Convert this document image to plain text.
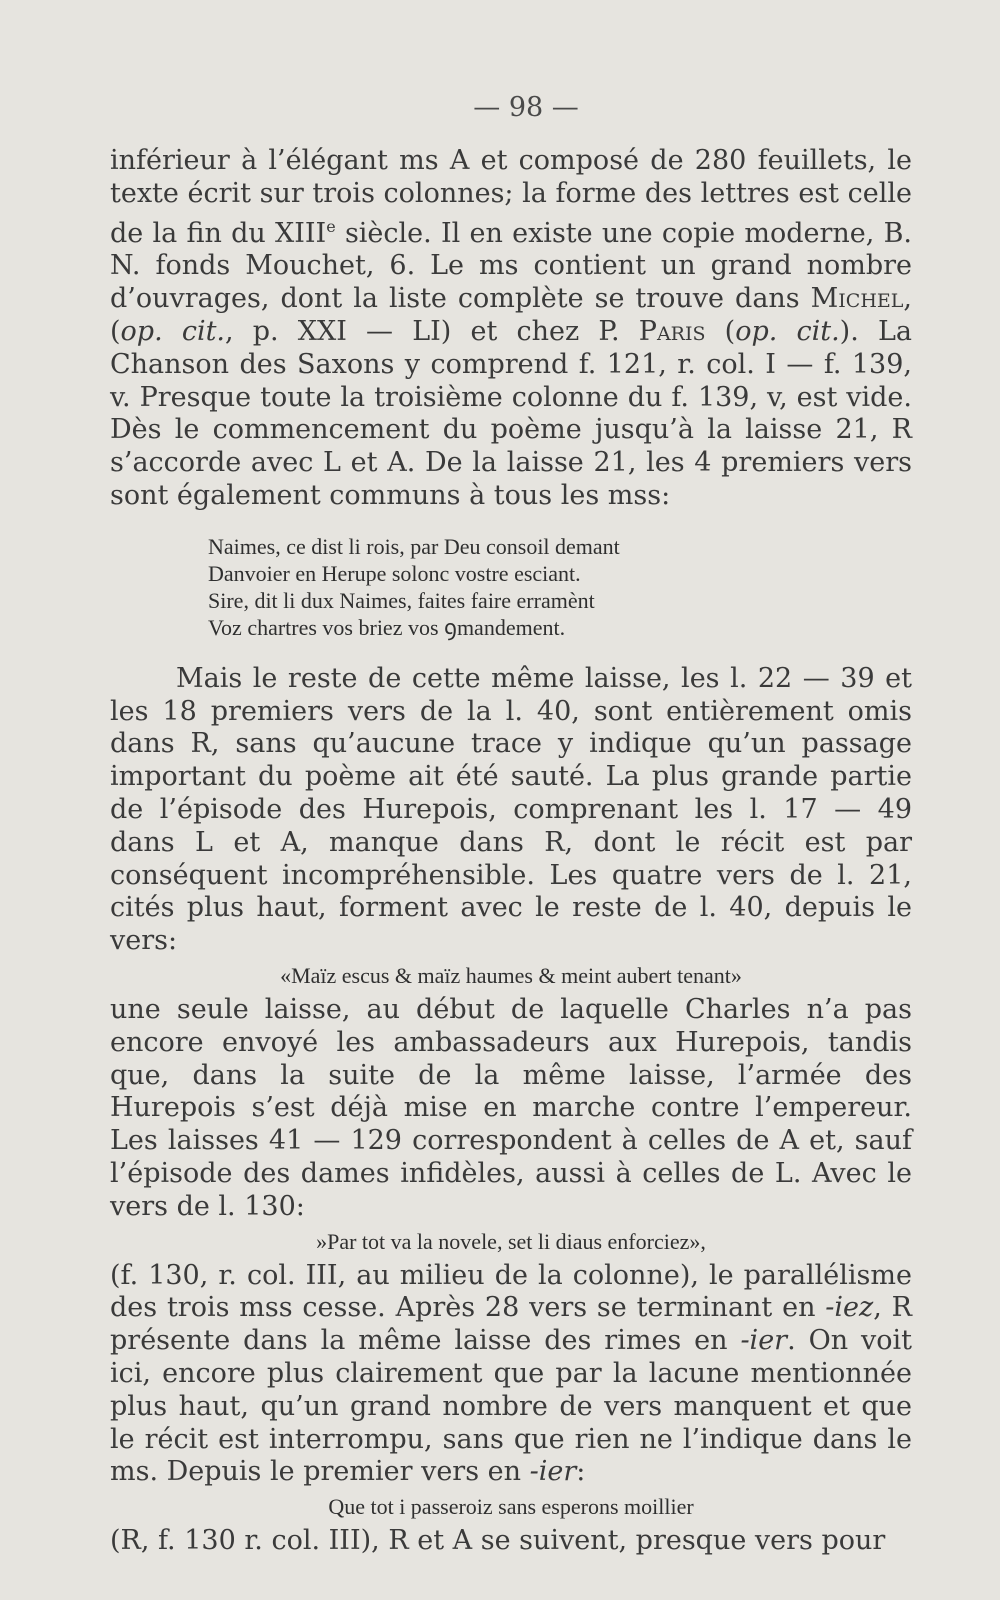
— 98 —

inférieur à l’élégant ms A et composé de 280 feuillets, le texte écrit sur trois colonnes; la forme des lettres est celle de la fin du XIIIe siècle. Il en existe une copie moderne, B. N. fonds Mouchet, 6. Le ms contient un grand nombre d’ouvrages, dont la liste complète se trouve dans Michel, (op. cit., p. XXI — LI) et chez P. Paris (op. cit.). La Chanson des Saxons y comprend f. 121, r. col. I — f. 139, v. Presque toute la troisième colonne du f. 139, v, est vide. Dès le commencement du poème jusqu’à la laisse 21, R s’accorde avec L et A. De la laisse 21, les 4 premiers vers sont également communs à tous les mss:

Naimes, ce dist li rois, par Deu consoil demant
Danvoier en Herupe solonc vostre esciant.
Sire, dit li dux Naimes, faites faire erramènt
Voz chartres vos briez vos ꝯmandement.

Mais le reste de cette même laisse, les l. 22 — 39 et les 18 premiers vers de la l. 40, sont entièrement omis dans R, sans qu’aucune trace y indique qu’un passage important du poème ait été sauté. La plus grande partie de l’épisode des Hurepois, comprenant les l. 17 — 49 dans L et A, manque dans R, dont le récit est par conséquent incompréhensible. Les quatre vers de l. 21, cités plus haut, forment avec le reste de l. 40, depuis le vers:

«Maïz escus & maïz haumes & meint aubert tenant»

une seule laisse, au début de laquelle Charles n’a pas encore envoyé les ambassadeurs aux Hurepois, tandis que, dans la suite de la même laisse, l’armée des Hurepois s’est déjà mise en marche contre l’empereur. Les laisses 41 — 129 correspondent à celles de A et, sauf l’épisode des dames infidèles, aussi à celles de L. Avec le vers de l. 130:

»Par tot va la novele, set li diaus enforciez»,

(f. 130, r. col. III, au milieu de la colonne), le parallélisme des trois mss cesse. Après 28 vers se terminant en -iez, R présente dans la même laisse des rimes en -ier. On voit ici, encore plus clairement que par la lacune mentionnée plus haut, qu’un grand nombre de vers manquent et que le récit est interrompu, sans que rien ne l’indique dans le ms. Depuis le premier vers en -ier:

Que tot i passeroiz sans esperons moillier

(R, f. 130 r. col. III), R et A se suivent, presque vers pour
